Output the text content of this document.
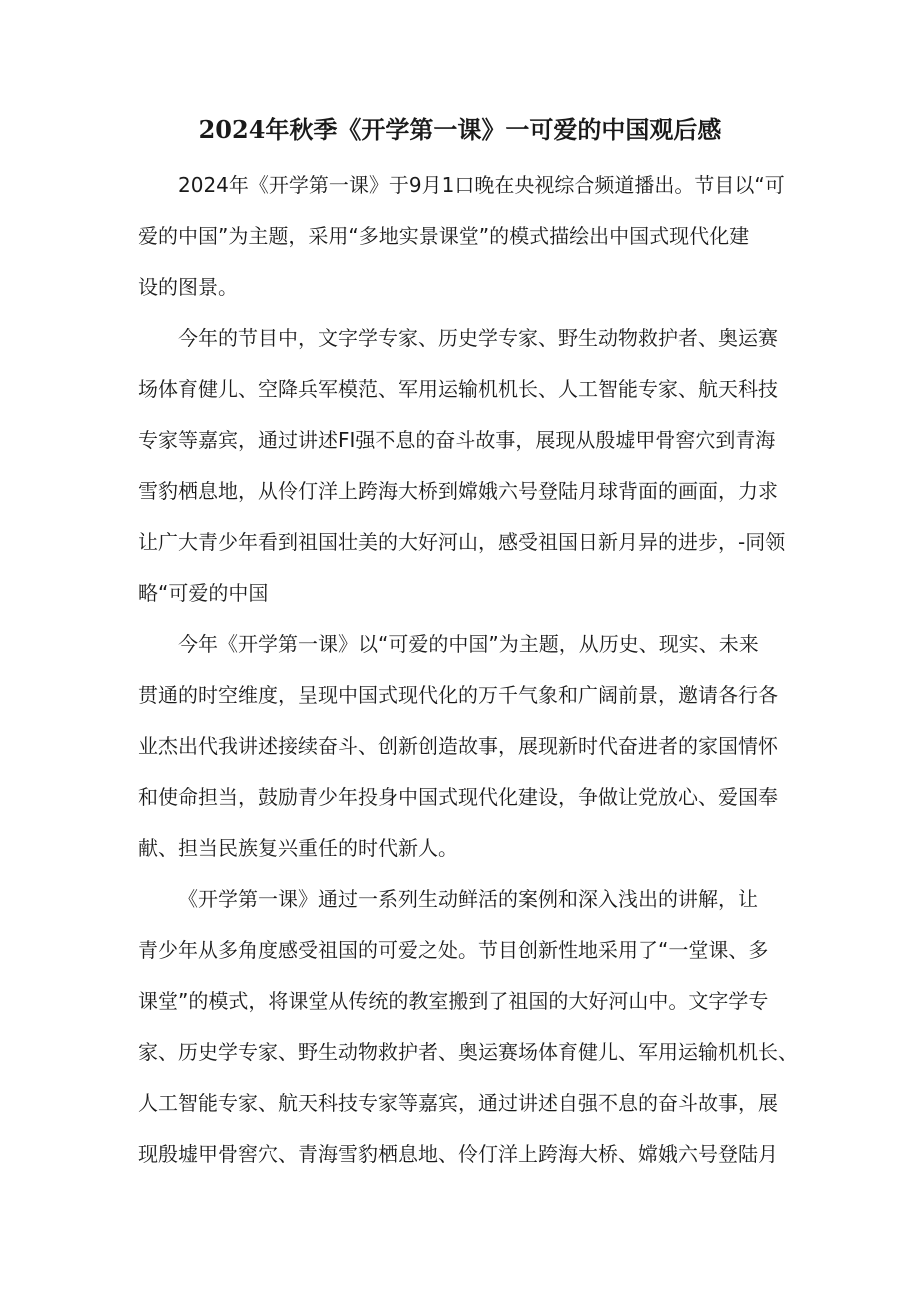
2024年秋季《开学第一课》一可爱的中国观后感
2024年《开学第一课》于9月1口晚在央视综合频道播出。节目以“可
爱的中国”为主题，采用“多地实景课堂”的模式描绘出中国式现代化建
设的图景。
今年的节目中，文字学专家、历史学专家、野生动物救护者、奥运赛
场体育健儿、空降兵军模范、军用运输机机长、人工智能专家、航天科技
专家等嘉宾，通过讲述FI强不息的奋斗故事，展现从殷墟甲骨窖穴到青海
雪豹栖息地，从伶仃洋上跨海大桥到嫦娥六号登陆月球背面的画面，力求
让广大青少年看到祖国壮美的大好河山，感受祖国日新月异的进步，-同领
略“可爱的中国
今年《开学第一课》以“可爱的中国”为主题，从历史、现实、未来
贯通的时空维度，呈现中国式现代化的万千气象和广阔前景，邀请各行各
业杰出代我讲述接续奋斗、创新创造故事，展现新时代奋进者的家国情怀
和使命担当，鼓励青少年投身中国式现代化建设，争做让党放心、爱国奉
献、担当民族复兴重任的时代新人。
《开学第一课》通过一系列生动鲜活的案例和深入浅出的讲解，让
青少年从多角度感受祖国的可爱之处。节目创新性地采用了“一堂课、多
课堂”的模式，将课堂从传统的教室搬到了祖国的大好河山中。文字学专
家、历史学专家、野生动物救护者、奥运赛场体育健儿、军用运输机机长、
人工智能专家、航天科技专家等嘉宾，通过讲述自强不息的奋斗故事，展
现殷墟甲骨窖穴、青海雪豹栖息地、伶仃洋上跨海大桥、嫦娥六号登陆月
